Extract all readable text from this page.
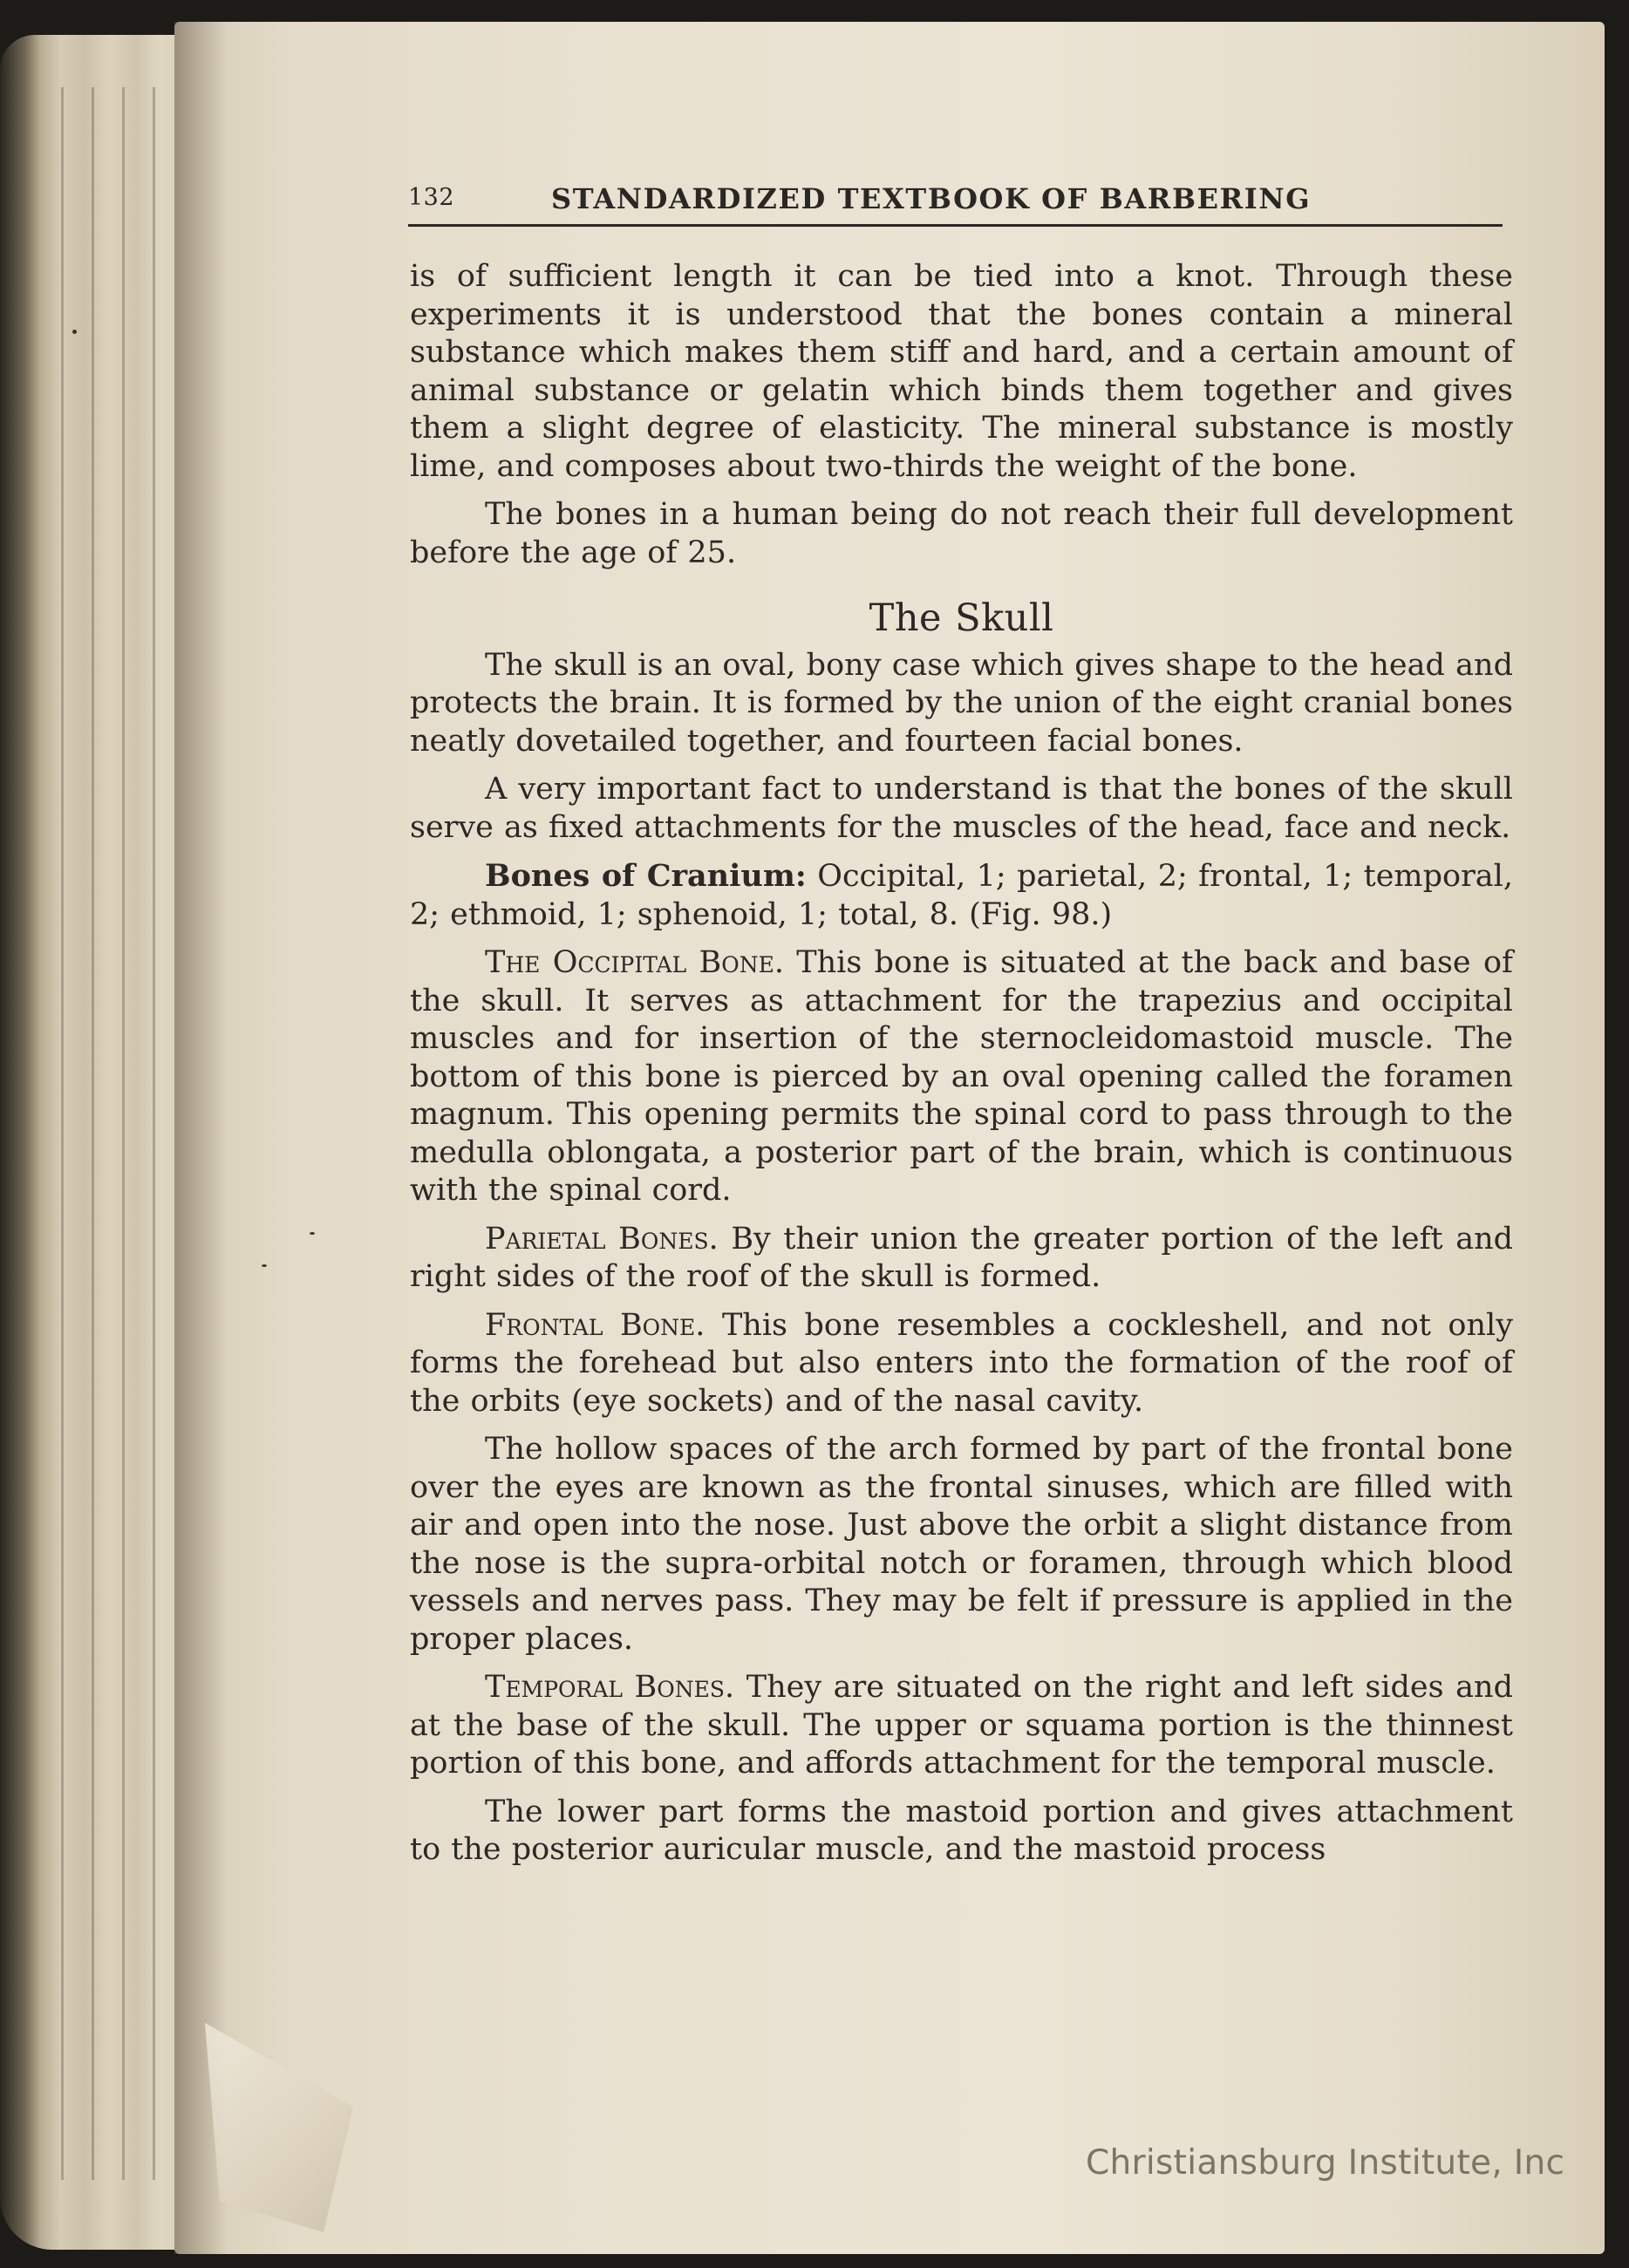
132	STANDARDIZED TEXTBOOK OF BARBERING

is of sufficient length it can be tied into a knot. Through these experiments it is understood that the bones contain a mineral substance which makes them stiff and hard, and a certain amount of animal substance or gelatin which binds them together and gives them a slight degree of elasticity. The mineral substance is mostly lime, and composes about two-thirds the weight of the bone.

The bones in a human being do not reach their full development before the age of 25.

The Skull

The skull is an oval, bony case which gives shape to the head and protects the brain. It is formed by the union of the eight cranial bones neatly dovetailed together, and fourteen facial bones.

A very important fact to understand is that the bones of the skull serve as fixed attachments for the muscles of the head, face and neck.

Bones of Cranium: Occipital, 1; parietal, 2; frontal, 1; temporal, 2; ethmoid, 1; sphenoid, 1; total, 8. (Fig. 98.)

The Occipital Bone. This bone is situated at the back and base of the skull. It serves as attachment for the trapezius and occipital muscles and for insertion of the sternocleidomastoid muscle. The bottom of this bone is pierced by an oval opening called the foramen magnum. This opening permits the spinal cord to pass through to the medulla oblongata, a posterior part of the brain, which is continuous with the spinal cord.

Parietal Bones. By their union the greater portion of the left and right sides of the roof of the skull is formed.

Frontal Bone. This bone resembles a cockleshell, and not only forms the forehead but also enters into the formation of the roof of the orbits (eye sockets) and of the nasal cavity.

The hollow spaces of the arch formed by part of the frontal bone over the eyes are known as the frontal sinuses, which are filled with air and open into the nose. Just above the orbit a slight distance from the nose is the supra-orbital notch or foramen, through which blood vessels and nerves pass. They may be felt if pressure is applied in the proper places.

Temporal Bones. They are situated on the right and left sides and at the base of the skull. The upper or squama portion is the thinnest portion of this bone, and affords attachment for the temporal muscle.

The lower part forms the mastoid portion and gives attachment to the posterior auricular muscle, and the mastoid process

Christiansburg Institute, Inc
